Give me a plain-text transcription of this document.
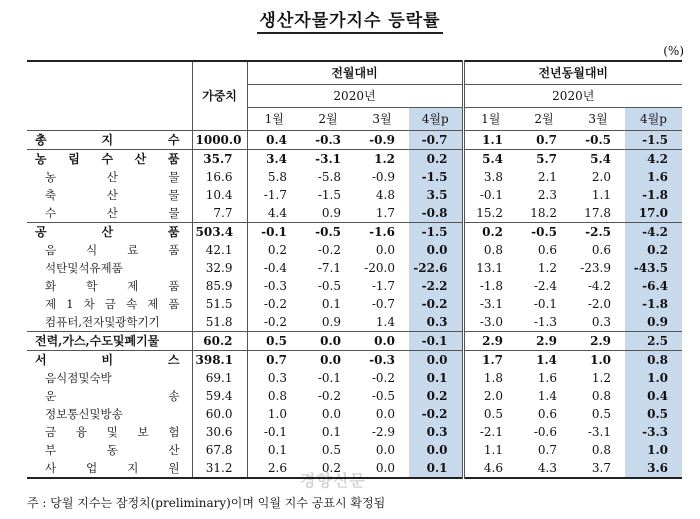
생산자물가지수 등락률
(%)
	가중치	전월대비				전년동월대비			
		2020년				2020년			
		1월	2월	3월	4월p	1월	2월	3월	4월p
총 지 수	1000.0	0.4	-0.3	-0.9	-0.7	1.1	0.7	-0.5	-1.5
농 림 수 산 품	35.7	3.4	-3.1	1.2	0.2	5.4	5.7	5.4	4.2
농 산 물	16.6	5.8	-5.8	-0.9	-1.5	3.8	2.1	2.0	1.6
축 산 물	10.4	-1.7	-1.5	4.8	3.5	-0.1	2.3	1.1	-1.8
수 산 물	7.7	4.4	0.9	1.7	-0.8	15.2	18.2	17.8	17.0
공 산 품	503.4	-0.1	-0.5	-1.6	-1.5	0.2	-0.5	-2.5	-4.2
음 식 료 품	42.1	0.2	-0.2	0.0	0.0	0.8	0.6	0.6	0.2
석탄및석유제품	32.9	-0.4	-7.1	-20.0	-22.6	13.1	1.2	-23.9	-43.5
화 학 제 품	85.9	-0.3	-0.5	-1.7	-2.2	-1.8	-2.4	-4.2	-6.4
제 1 차 금 속 제 품	51.5	-0.2	0.1	-0.7	-0.2	-3.1	-0.1	-2.0	-1.8
컴퓨터,전자및광학기기	51.8	-0.2	0.9	1.4	0.3	-3.0	-1.3	0.3	0.9
전력,가스,수도및폐기물	60.2	0.5	0.0	0.0	-0.1	2.9	2.9	2.9	2.5
서 비 스	398.1	0.7	0.0	-0.3	0.0	1.7	1.4	1.0	0.8
음식점및숙박	69.1	0.3	-0.1	-0.2	0.1	1.8	1.6	1.2	1.0
운 송	59.4	0.8	-0.2	-0.5	0.2	2.0	1.4	0.8	0.4
정보통신및방송	60.0	1.0	0.0	0.0	-0.2	0.5	0.6	0.5	0.5
금 융 및 보 험	30.6	-0.1	0.1	-2.9	0.3	-2.1	-0.6	-3.1	-3.3
부 동 산	67.8	0.1	0.5	0.0	0.0	1.1	0.7	0.8	1.0
사 업 지 원	31.2	2.6	0.2	0.0	0.1	4.6	4.3	3.7	3.6
주 : 당월 지수는 잠정치(preliminary)이며 익월 지수 공표시 확정됨
경향신문
